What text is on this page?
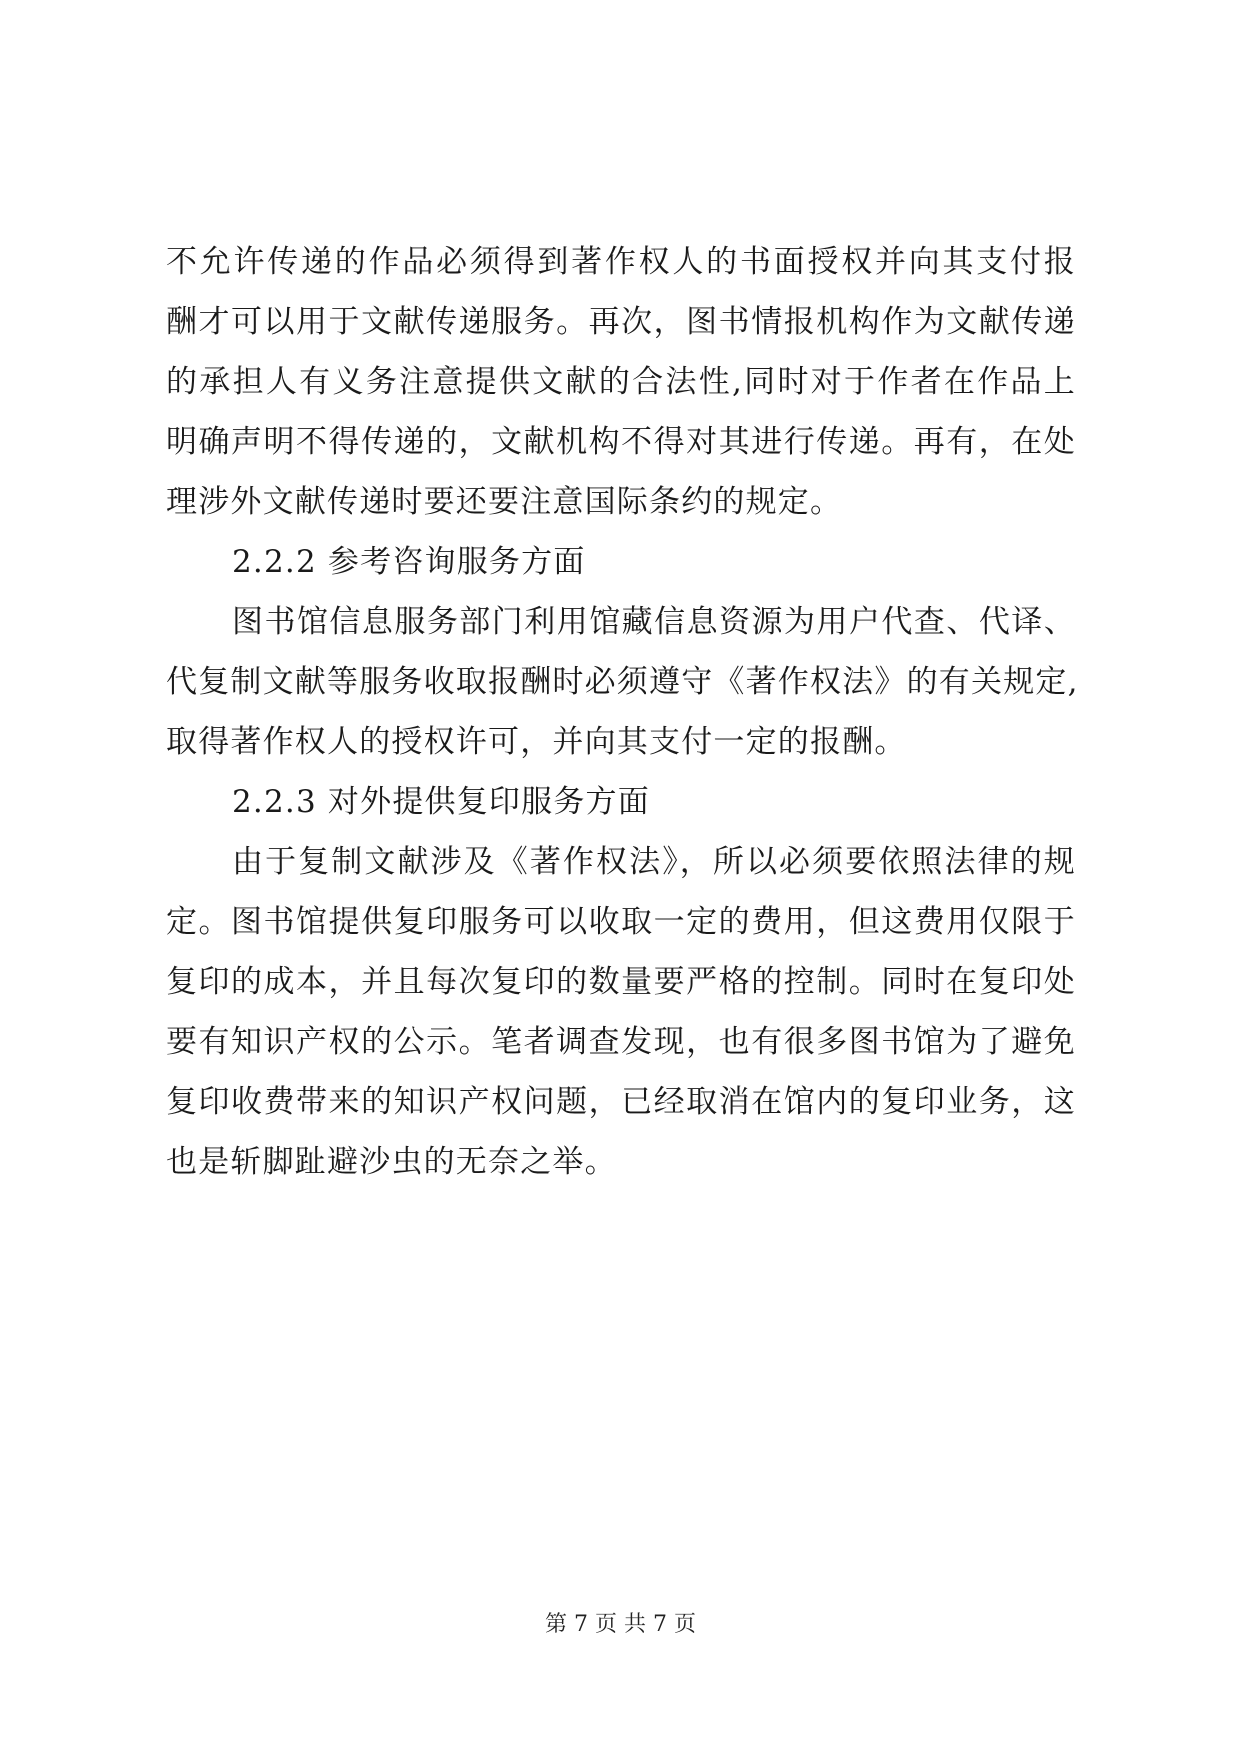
不允许传递的作品必须得到著作权人的书面授权并向其支付报
酬才可以用于文献传递服务。再次，图书情报机构作为文献传递
的承担人有义务注意提供文献的合法性,同时对于作者在作品上
明确声明不得传递的，文献机构不得对其进行传递。再有，在处
理涉外文献传递时要还要注意国际条约的规定。
2.2.2 参考咨询服务方面
图书馆信息服务部门利用馆藏信息资源为用户代查、代译、
代复制文献等服务收取报酬时必须遵守《著作权法》的有关规定,
取得著作权人的授权许可，并向其支付一定的报酬。
2.2.3 对外提供复印服务方面
由于复制文献涉及《著作权法》，所以必须要依照法律的规
定。图书馆提供复印服务可以收取一定的费用，但这费用仅限于
复印的成本，并且每次复印的数量要严格的控制。同时在复印处
要有知识产权的公示。笔者调查发现，也有很多图书馆为了避免
复印收费带来的知识产权问题，已经取消在馆内的复印业务，这
也是斩脚趾避沙虫的无奈之举。
第 7 页 共 7 页
